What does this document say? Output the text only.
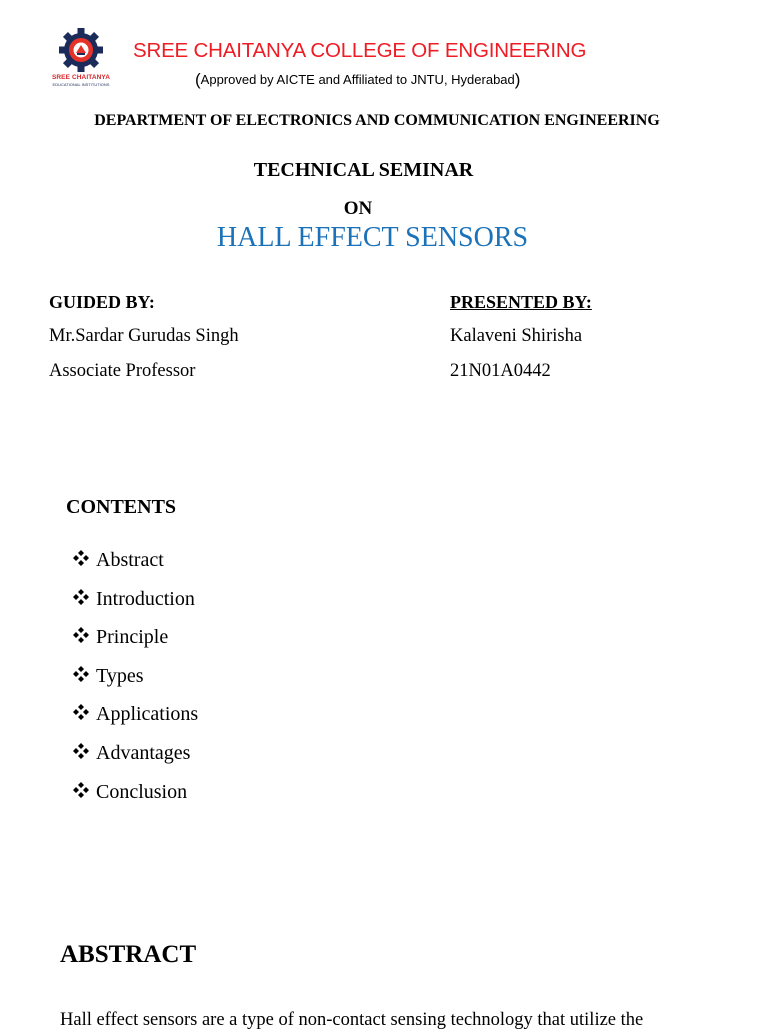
SREE CHAITANYA
EDUCATIONAL INSTITUTIONS
SREE CHAITANYA COLLEGE OF ENGINEERING
(Approved by AICTE and Affiliated to JNTU, Hyderabad)
DEPARTMENT OF ELECTRONICS AND COMMUNICATION ENGINEERING
TECHNICAL SEMINAR
ON
HALL EFFECT SENSORS
GUIDED BY:
Mr.Sardar Gurudas Singh
Associate Professor
PRESENTED BY:
Kalaveni Shirisha
21N01A0442
CONTENTS
Abstract
Introduction
Principle
Types
Applications
Advantages
Conclusion
ABSTRACT
Hall effect sensors are a type of non-contact sensing technology that utilize the
